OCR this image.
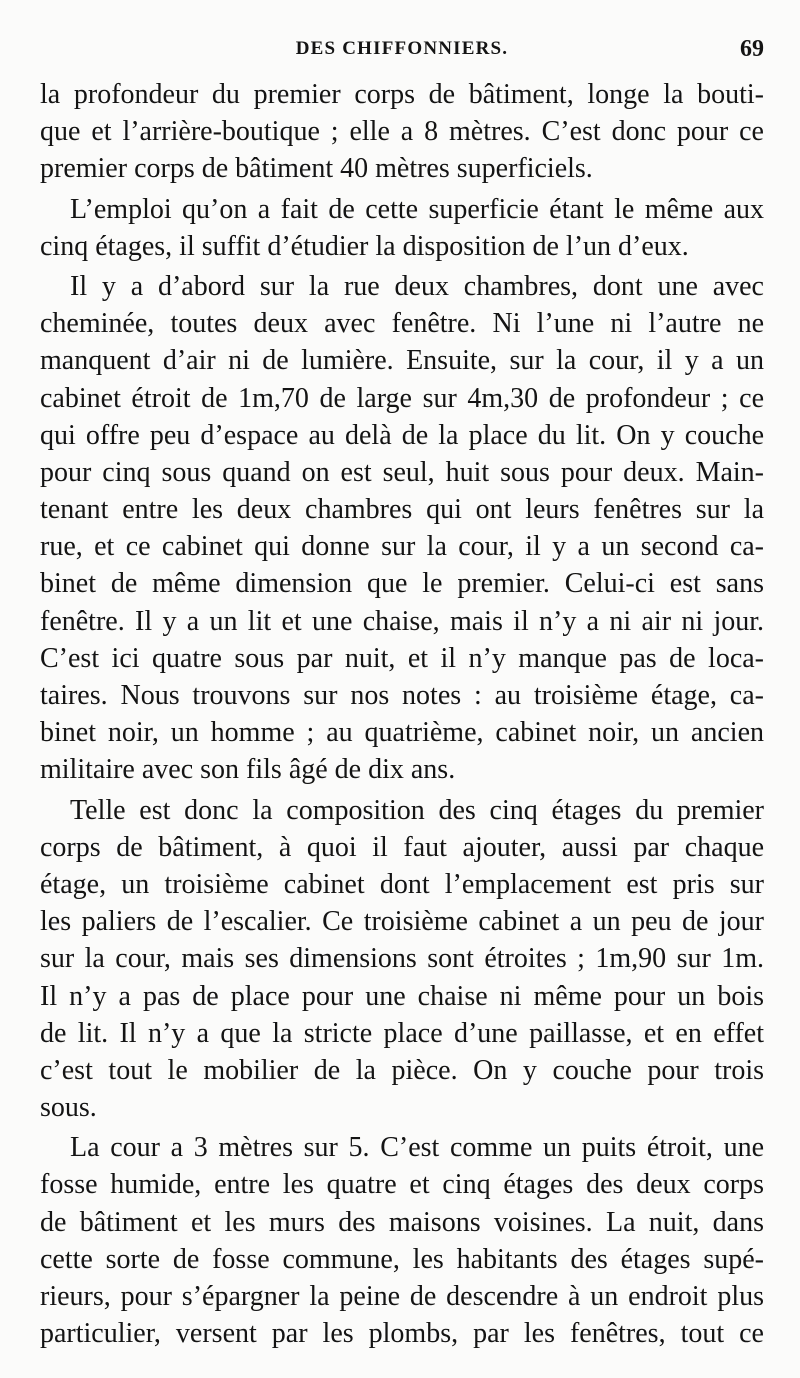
DES CHIFFONNIERS.	69
la profondeur du premier corps de bâtiment, longe la bouti-
que et l’arrière-boutique ; elle a 8 mètres. C’est donc pour ce
premier corps de bâtiment 40 mètres superficiels.
L’emploi qu’on a fait de cette superficie étant le même aux
cinq étages, il suffit d’étudier la disposition de l’un d’eux.
Il y a d’abord sur la rue deux chambres, dont une avec
cheminée, toutes deux avec fenêtre. Ni l’une ni l’autre ne
manquent d’air ni de lumière. Ensuite, sur la cour, il y a un
cabinet étroit de 1m,70 de large sur 4m,30 de profondeur ; ce
qui offre peu d’espace au delà de la place du lit. On y couche
pour cinq sous quand on est seul, huit sous pour deux. Main-
tenant entre les deux chambres qui ont leurs fenêtres sur la
rue, et ce cabinet qui donne sur la cour, il y a un second ca-
binet de même dimension que le premier. Celui-ci est sans
fenêtre. Il y a un lit et une chaise, mais il n’y a ni air ni jour.
C’est ici quatre sous par nuit, et il n’y manque pas de loca-
taires. Nous trouvons sur nos notes : au troisième étage, ca-
binet noir, un homme ; au quatrième, cabinet noir, un ancien
militaire avec son fils âgé de dix ans.
Telle est donc la composition des cinq étages du premier
corps de bâtiment, à quoi il faut ajouter, aussi par chaque
étage, un troisième cabinet dont l’emplacement est pris sur
les paliers de l’escalier. Ce troisième cabinet a un peu de jour
sur la cour, mais ses dimensions sont étroites ; 1m,90 sur 1m.
Il n’y a pas de place pour une chaise ni même pour un bois
de lit. Il n’y a que la stricte place d’une paillasse, et en effet
c’est tout le mobilier de la pièce. On y couche pour trois
sous.
La cour a 3 mètres sur 5. C’est comme un puits étroit, une
fosse humide, entre les quatre et cinq étages des deux corps
de bâtiment et les murs des maisons voisines. La nuit, dans
cette sorte de fosse commune, les habitants des étages supé-
rieurs, pour s’épargner la peine de descendre à un endroit plus
particulier, versent par les plombs, par les fenêtres, tout ce
